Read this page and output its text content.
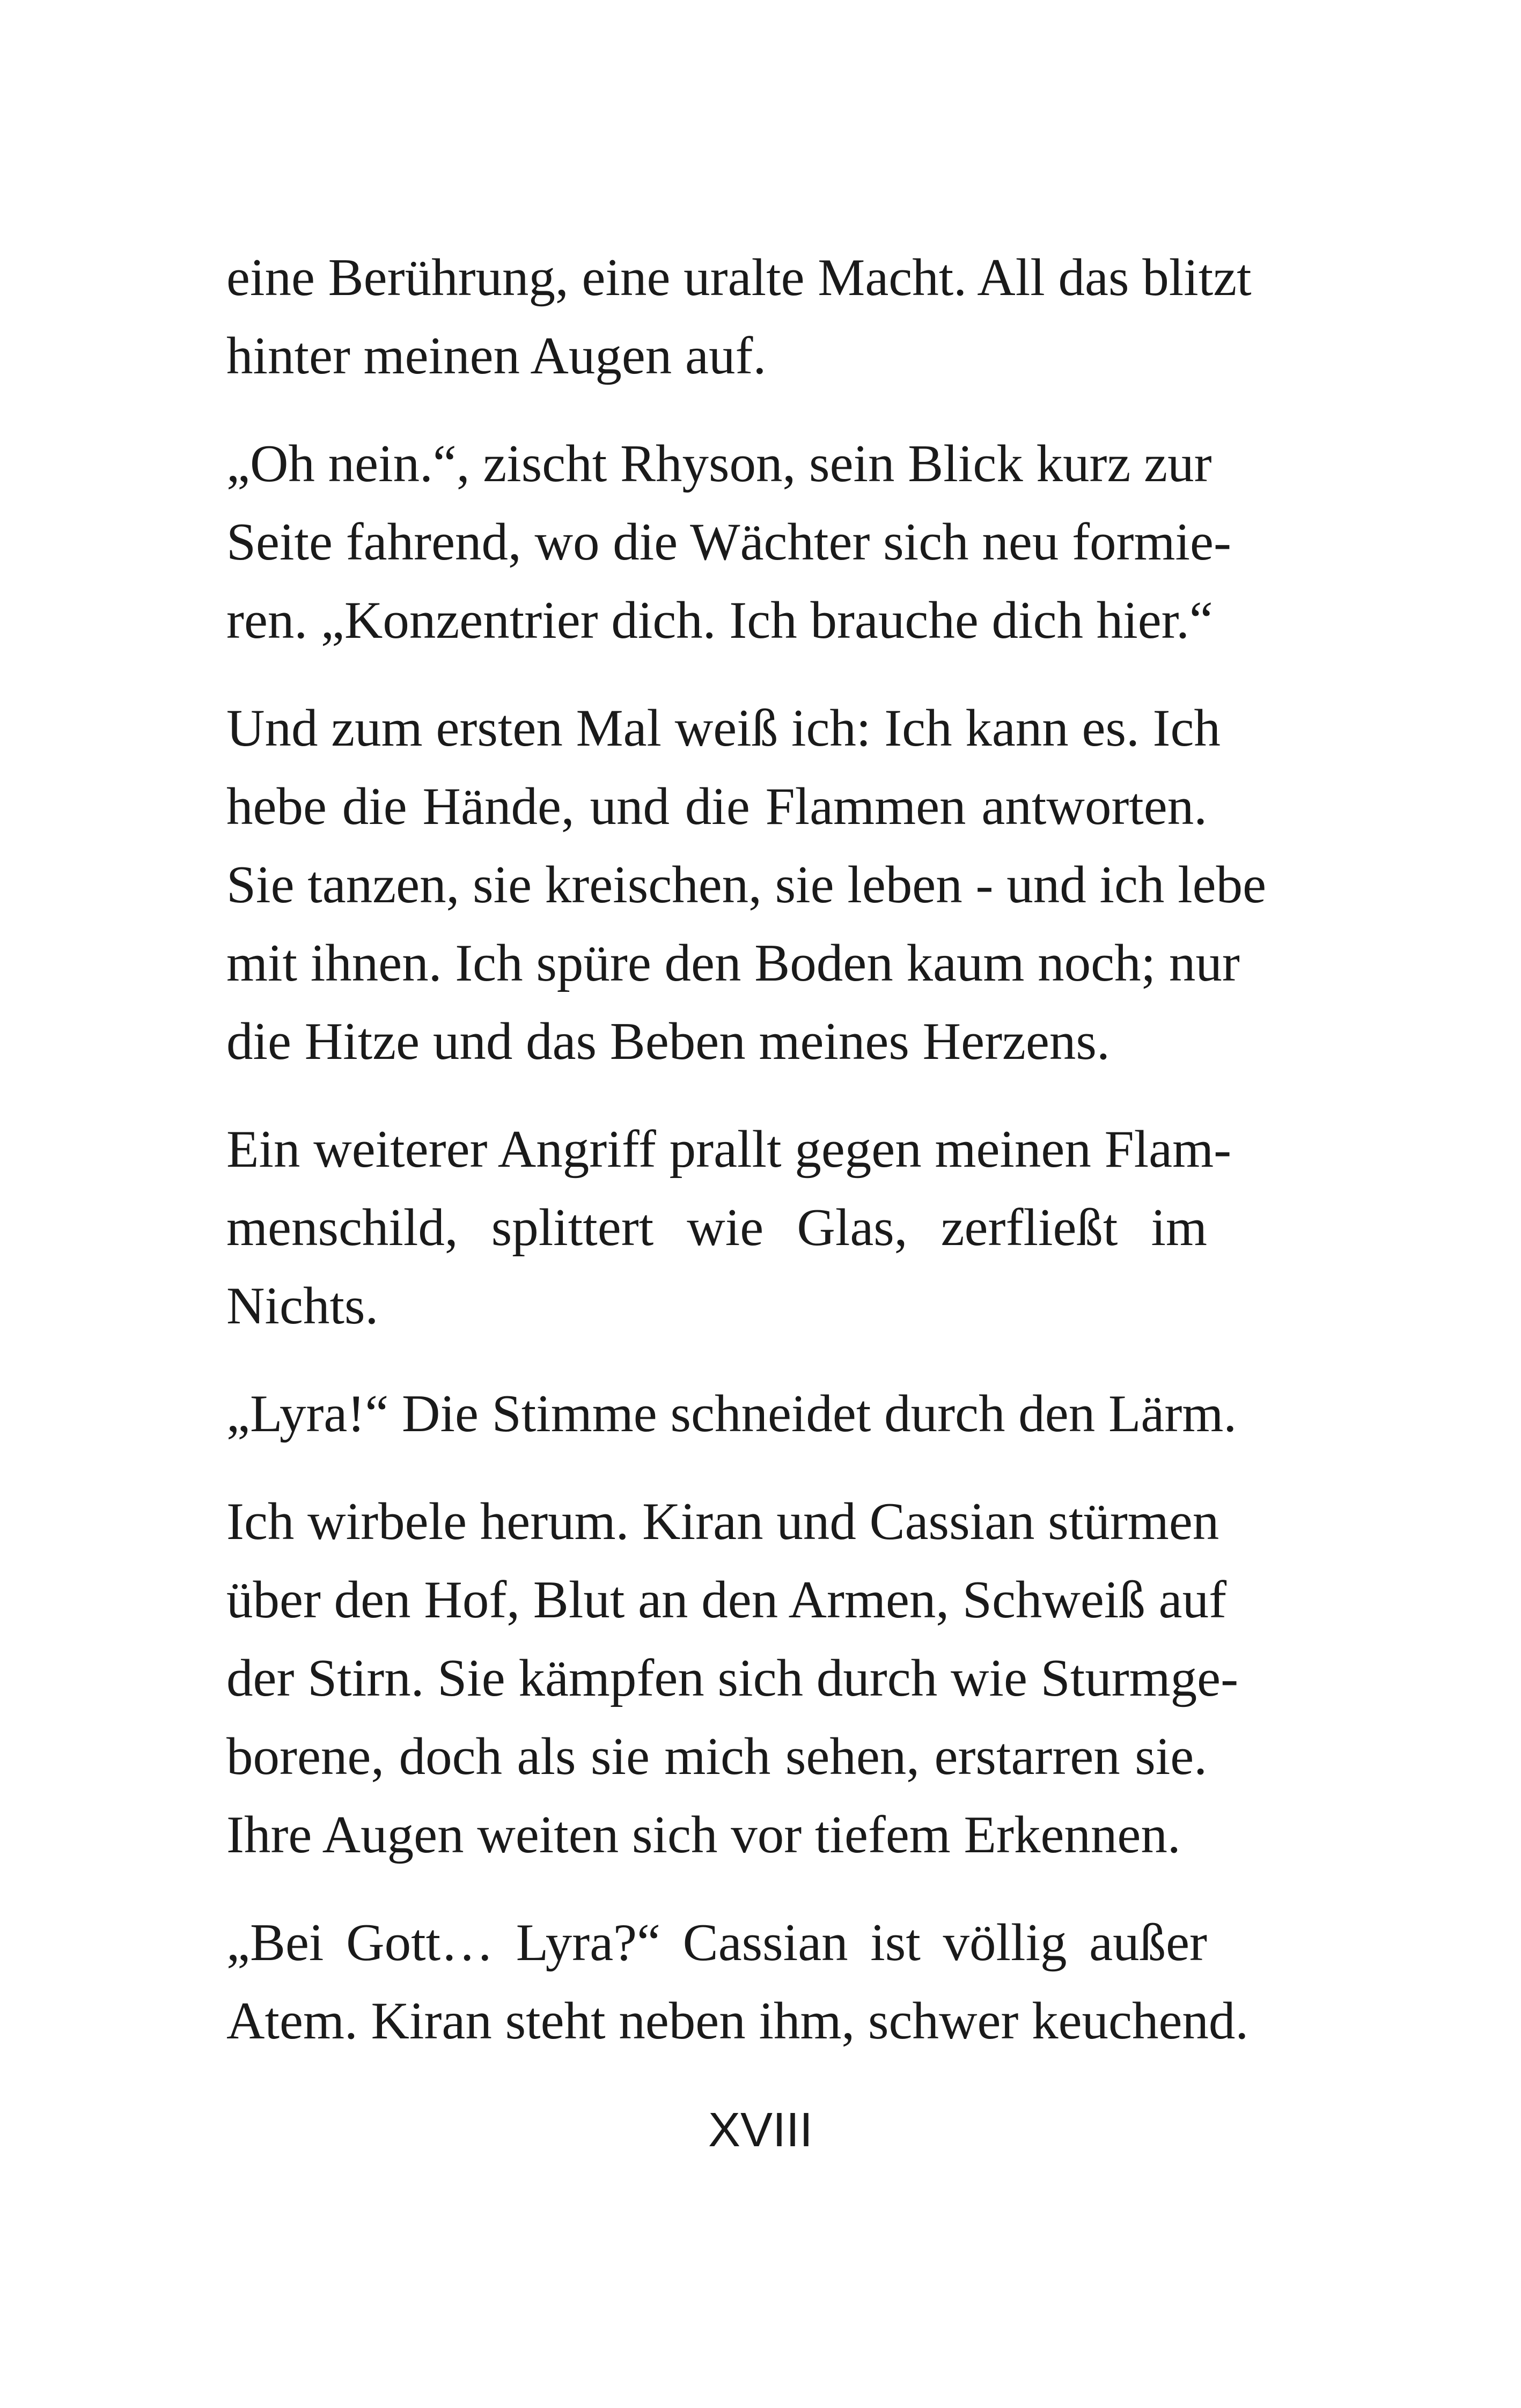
eine Berührung, eine uralte Macht. All das blitzt
hinter meinen Augen auf.

„Oh nein.“, zischt Rhyson, sein Blick kurz zur
Seite fahrend, wo die Wächter sich neu formie-
ren. „Konzentrier dich. Ich brauche dich hier.“

Und zum ersten Mal weiß ich: Ich kann es. Ich
hebe die Hände, und die Flammen antworten.
Sie tanzen, sie kreischen, sie leben - und ich lebe
mit ihnen. Ich spüre den Boden kaum noch; nur
die Hitze und das Beben meines Herzens.

Ein weiterer Angriff prallt gegen meinen Flam-
menschild, splittert wie Glas, zerfließt im
Nichts.

„Lyra!“ Die Stimme schneidet durch den Lärm.

Ich wirbele herum. Kiran und Cassian stürmen
über den Hof, Blut an den Armen, Schweiß auf
der Stirn. Sie kämpfen sich durch wie Sturmge-
borene, doch als sie mich sehen, erstarren sie.
Ihre Augen weiten sich vor tiefem Erkennen.

„Bei Gott… Lyra?“ Cassian ist völlig außer
Atem. Kiran steht neben ihm, schwer keuchend.

XVIII
